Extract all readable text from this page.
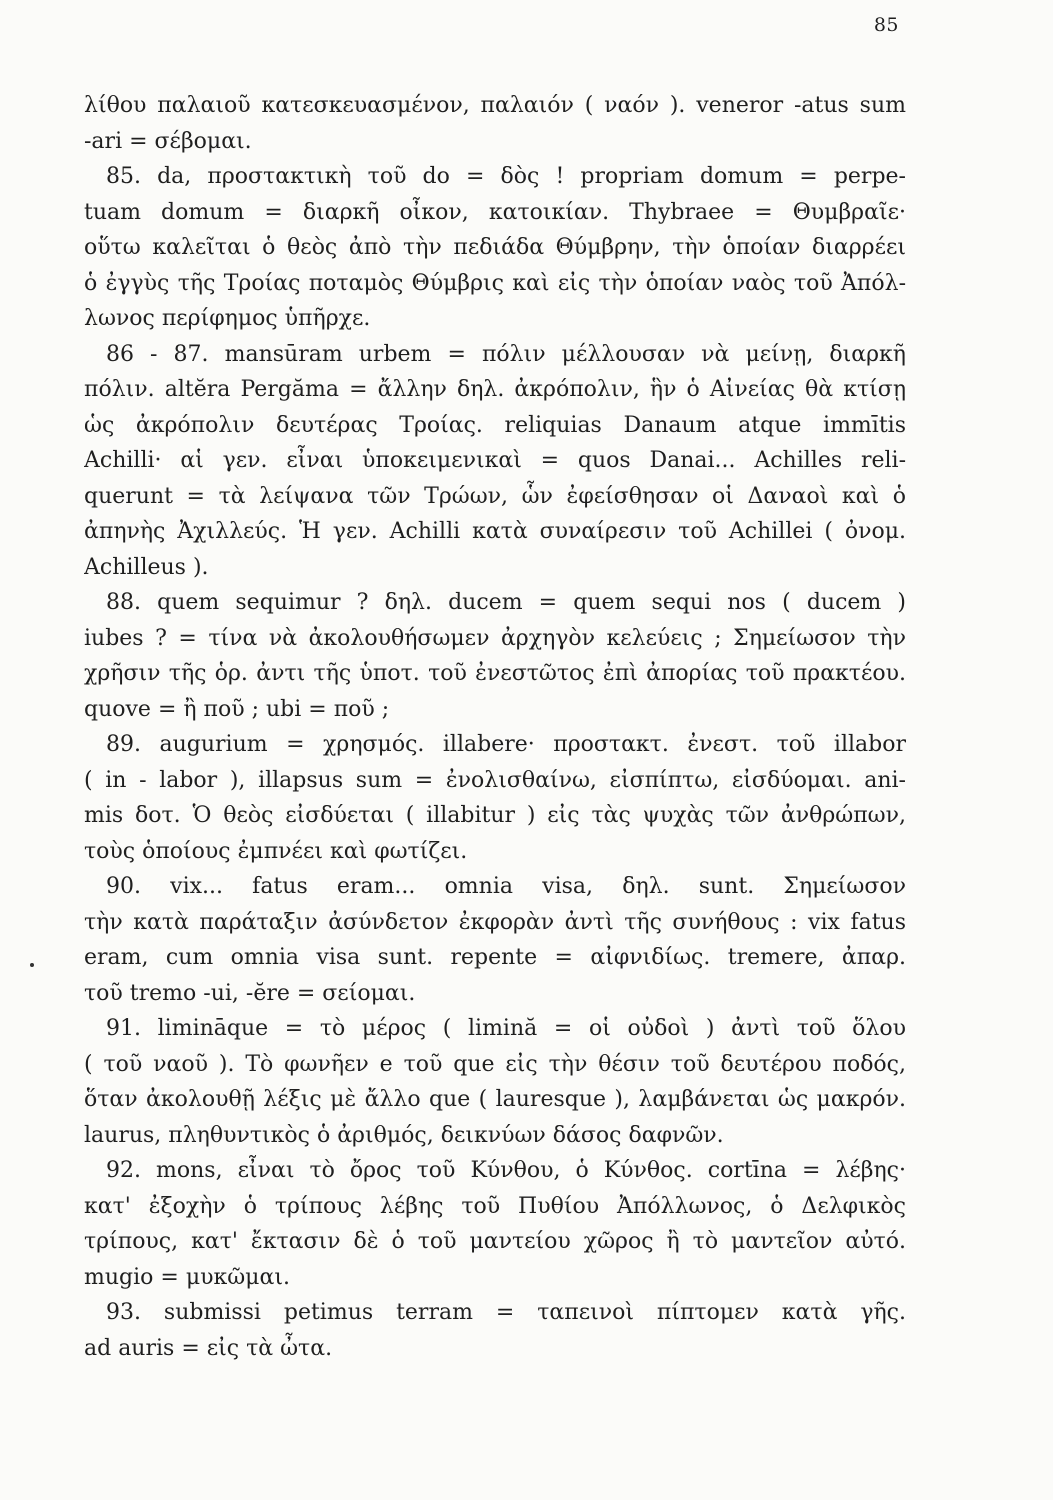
85
λίθου παλαιοῦ κατεσκευασμένον, παλαιόν ( ναόν ). veneror -atus sum
-ari = σέβομαι.
85. da, προστακτικὴ τοῦ do = δὸς ! propriam domum = perpe-
tuam domum = διαρκῆ οἶκον, κατοικίαν. Thybraee = Θυμβραῖε·
οὕτω καλεῖται ὁ θεὸς ἀπὸ τὴν πεδιάδα Θύμβρην, τὴν ὁποίαν διαρρέει
ὁ ἐγγὺς τῆς Τροίας ποταμὸς Θύμβρις καὶ εἰς τὴν ὁποίαν ναὸς τοῦ Ἀπόλ-
λωνος περίφημος ὑπῆρχε.
86 - 87. mansūram urbem = πόλιν μέλλουσαν νὰ μείνῃ, διαρκῆ
πόλιν. altĕra Pergăma = ἄλλην δηλ. ἀκρόπολιν, ἣν ὁ Αἰνείας θὰ κτίσῃ
ὡς ἀκρόπολιν δευτέρας Τροίας. reliquias Danaum atque immītis
Achilli· αἱ γεν. εἶναι ὑποκειμενικαὶ = quos Danai... Achilles reli-
querunt = τὰ λείψανα τῶν Τρώων, ὧν ἐφείσθησαν οἱ Δαναοὶ καὶ ὁ
ἀπηνὴς Ἀχιλλεύς. Ἡ γεν. Achilli κατὰ συναίρεσιν τοῦ Achillei ( ὀνομ.
Achilleus ).
88. quem sequimur ? δηλ. ducem = quem sequi nos ( ducem )
iubes ? = τίνα νὰ ἀκολουθήσωμεν ἀρχηγὸν κελεύεις ; Σημείωσον τὴν
χρῆσιν τῆς ὁρ. ἀντι τῆς ὑποτ. τοῦ ἐνεστῶτος ἐπὶ ἀπορίας τοῦ πρακτέου.
quove = ἢ ποῦ ; ubi = ποῦ ;
89. augurium = χρησμός. illabere· προστακτ. ἐνεστ. τοῦ illabor
( in - labor ), illapsus sum = ἐνολισθαίνω, εἰσπίπτω, εἰσδύομαι. ani-
mis δοτ. Ὁ θεὸς εἰσδύεται ( illabitur ) εἰς τὰς ψυχὰς τῶν ἀνθρώπων,
τοὺς ὁποίους ἐμπνέει καὶ φωτίζει.
90. vix... fatus eram... omnia visa, δηλ. sunt. Σημείωσον
τὴν κατὰ παράταξιν ἀσύνδετον ἐκφορὰν ἀντὶ τῆς συνήθους : vix fatus
eram, cum omnia visa sunt. repente = αἰφνιδίως. tremere, ἀπαρ.
τοῦ tremo -ui, -ĕre = σείομαι.
91. limināque = τὸ μέρος ( limină = οἱ οὐδοὶ ) ἀντὶ τοῦ ὅλου
( τοῦ ναοῦ ). Τὸ φωνῆεν e τοῦ que εἰς τὴν θέσιν τοῦ δευτέρου ποδός,
ὅταν ἀκολουθῇ λέξις μὲ ἄλλο que ( lauresque ), λαμβάνεται ὡς μακρόν.
laurus, πληθυντικὸς ὁ ἀριθμός, δεικνύων δάσος δαφνῶν.
92. mons, εἶναι τὸ ὄρος τοῦ Κύνθου, ὁ Κύνθος. cortīna = λέβης·
κατ' ἐξοχὴν ὁ τρίπους λέβης τοῦ Πυθίου Ἀπόλλωνος, ὁ Δελφικὸς
τρίπους, κατ' ἔκτασιν δὲ ὁ τοῦ μαντείου χῶρος ἢ τὸ μαντεῖον αὐτό.
mugio = μυκῶμαι.
93. submissi petimus terram = ταπεινοὶ πίπτομεν κατὰ γῆς.
ad auris = εἰς τὰ ὦτα.
